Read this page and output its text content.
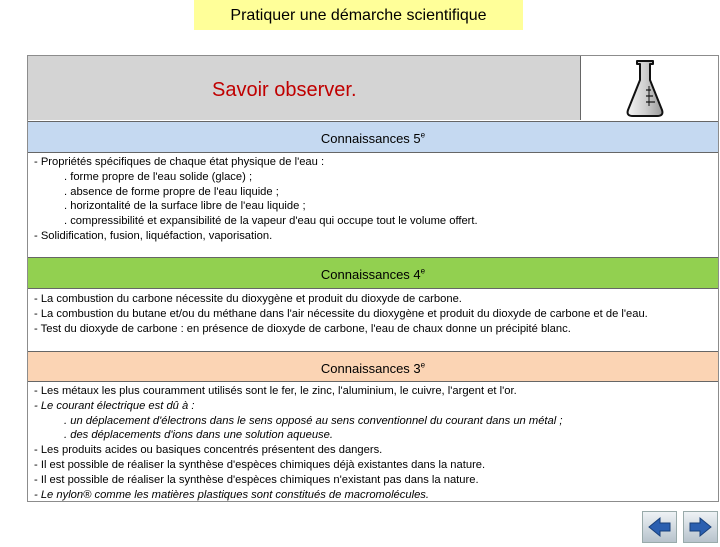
Pratiquer une démarche scientifique
Savoir observer.
Connaissances 5e
- Propriétés spécifiques de chaque état physique de l'eau :
. forme propre de l'eau solide (glace) ;
. absence de forme propre de l'eau liquide ;
. horizontalité de la surface libre de l'eau liquide ;
. compressibilité et expansibilité de la vapeur d'eau qui occupe tout le volume offert.
- Solidification, fusion, liquéfaction, vaporisation.
Connaissances 4e
- La combustion du carbone nécessite du dioxygène et produit du dioxyde de carbone.
- La combustion du butane et/ou du méthane dans l'air nécessite du dioxygène et produit du dioxyde de carbone et de l'eau.
- Test du dioxyde de carbone : en présence de dioxyde de carbone, l'eau de chaux donne un précipité blanc.
Connaissances 3e
- Les métaux les plus couramment utilisés sont le fer, le zinc, l'aluminium, le cuivre, l'argent et l'or.
- Le courant électrique est dû à :
. un déplacement d'électrons dans le sens opposé au sens conventionnel du courant dans un métal ;
. des déplacements d'ions dans une solution aqueuse.
- Les produits acides ou basiques concentrés présentent des dangers.
- Il est possible de réaliser la synthèse d'espèces chimiques déjà existantes dans la nature.
- Il est possible de réaliser la synthèse d'espèces chimiques n'existant pas dans la nature.
- Le nylon® comme les matières plastiques sont constitués de macromolécules.
